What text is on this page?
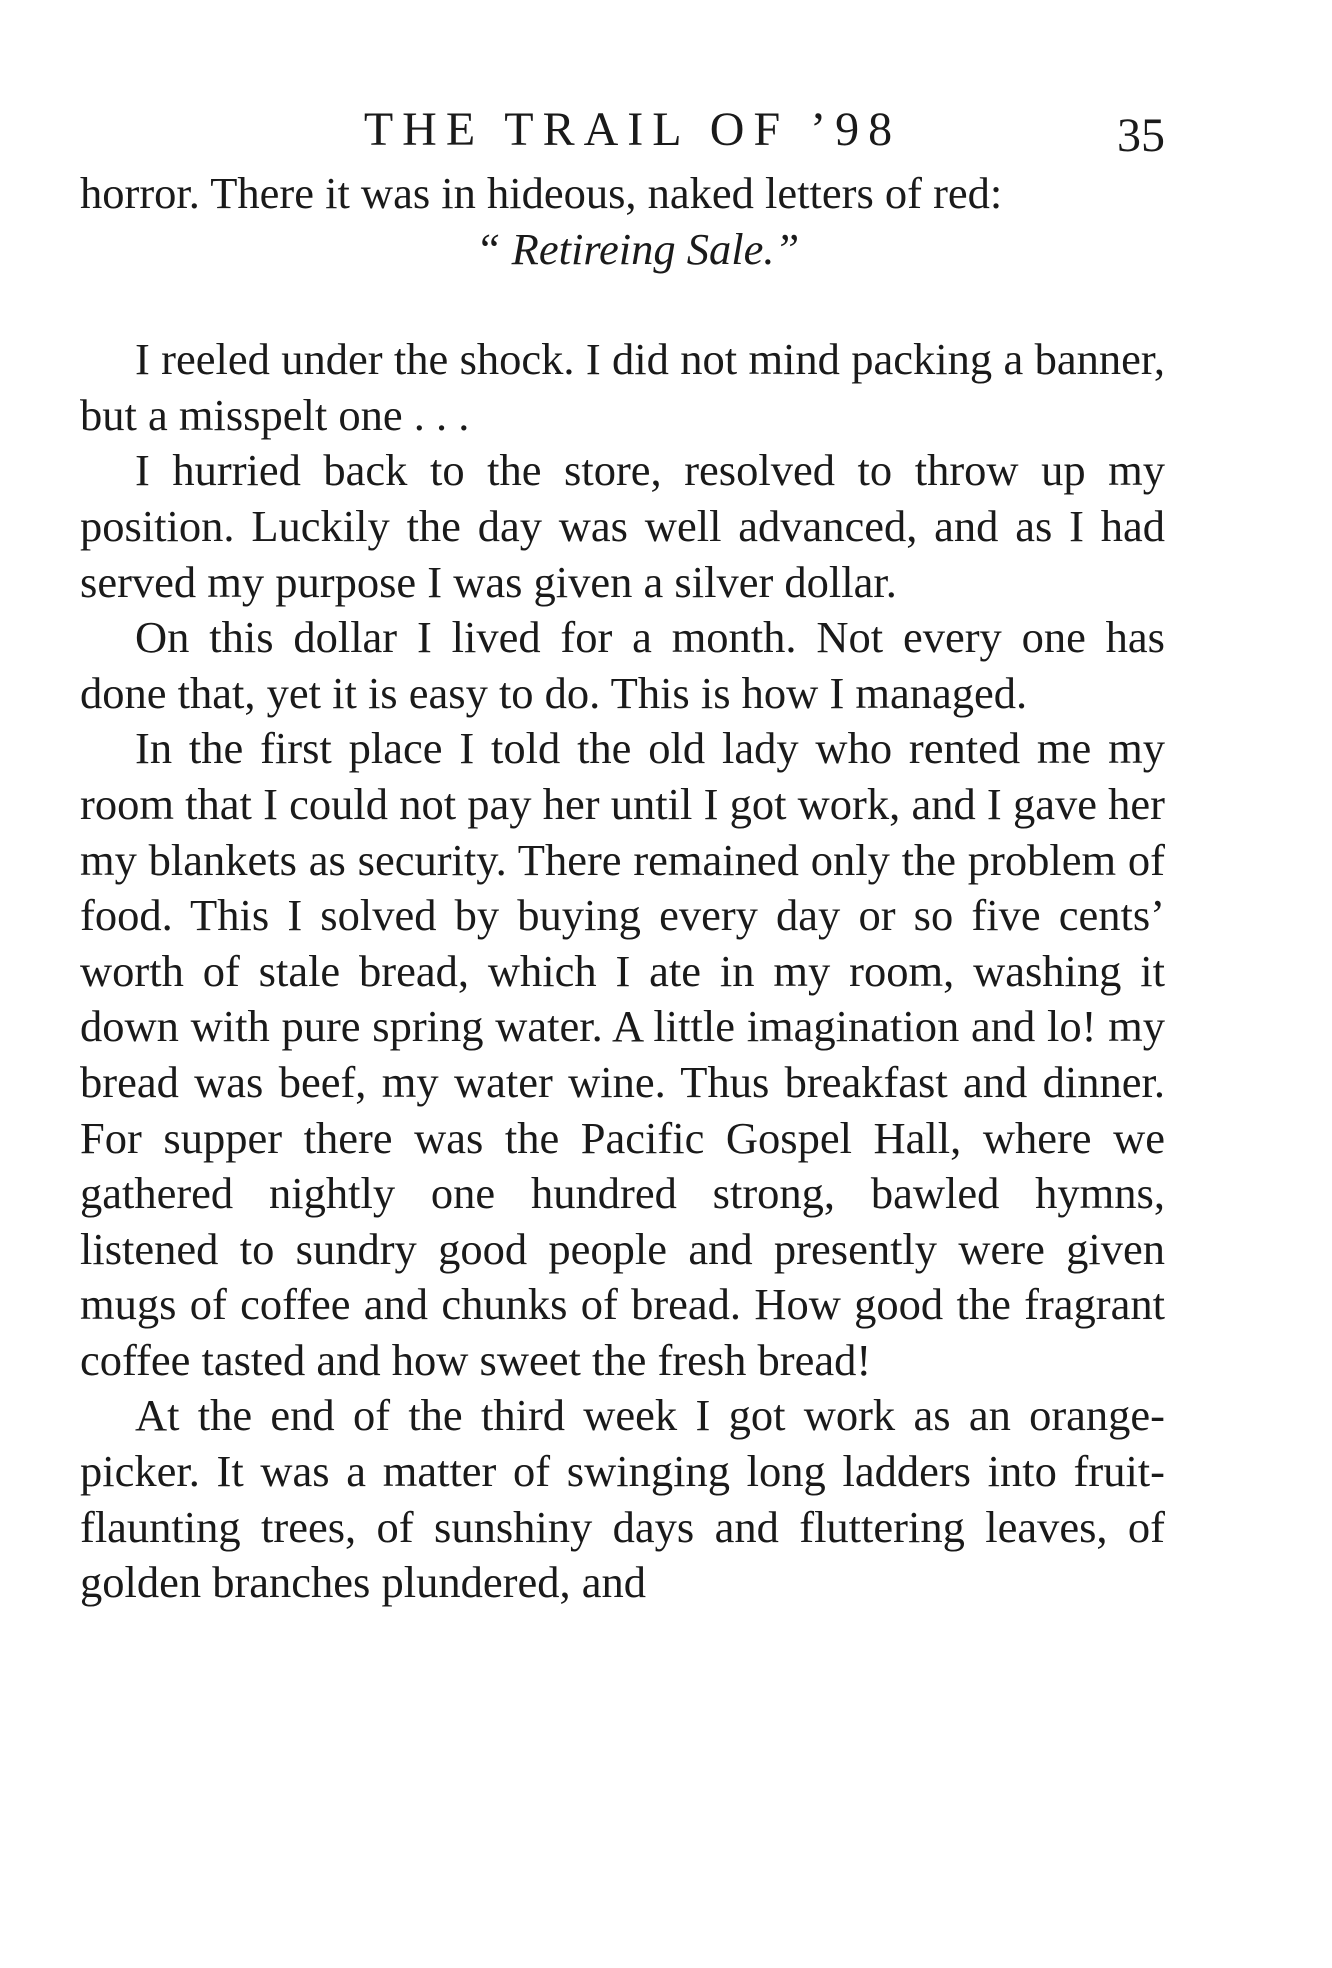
THE TRAIL OF ’98	35

horror. There it was in hideous, naked letters of red:

“ Retireing Sale.”

I reeled under the shock. I did not mind packing a banner, but a misspelt one . . .

I hurried back to the store, resolved to throw up my position. Luckily the day was well advanced, and as I had served my purpose I was given a silver dollar.

On this dollar I lived for a month. Not every one has done that, yet it is easy to do. This is how I managed.

In the first place I told the old lady who rented me my room that I could not pay her until I got work, and I gave her my blankets as security. There remained only the problem of food. This I solved by buying every day or so five cents’ worth of stale bread, which I ate in my room, washing it down with pure spring water. A little imagination and lo! my bread was beef, my water wine. Thus breakfast and dinner. For supper there was the Pacific Gospel Hall, where we gathered nightly one hundred strong, bawled hymns, listened to sundry good people and presently were given mugs of coffee and chunks of bread. How good the fragrant coffee tasted and how sweet the fresh bread!

At the end of the third week I got work as an orange-picker. It was a matter of swinging long ladders into fruit-flaunting trees, of sunshiny days and fluttering leaves, of golden branches plundered, and
